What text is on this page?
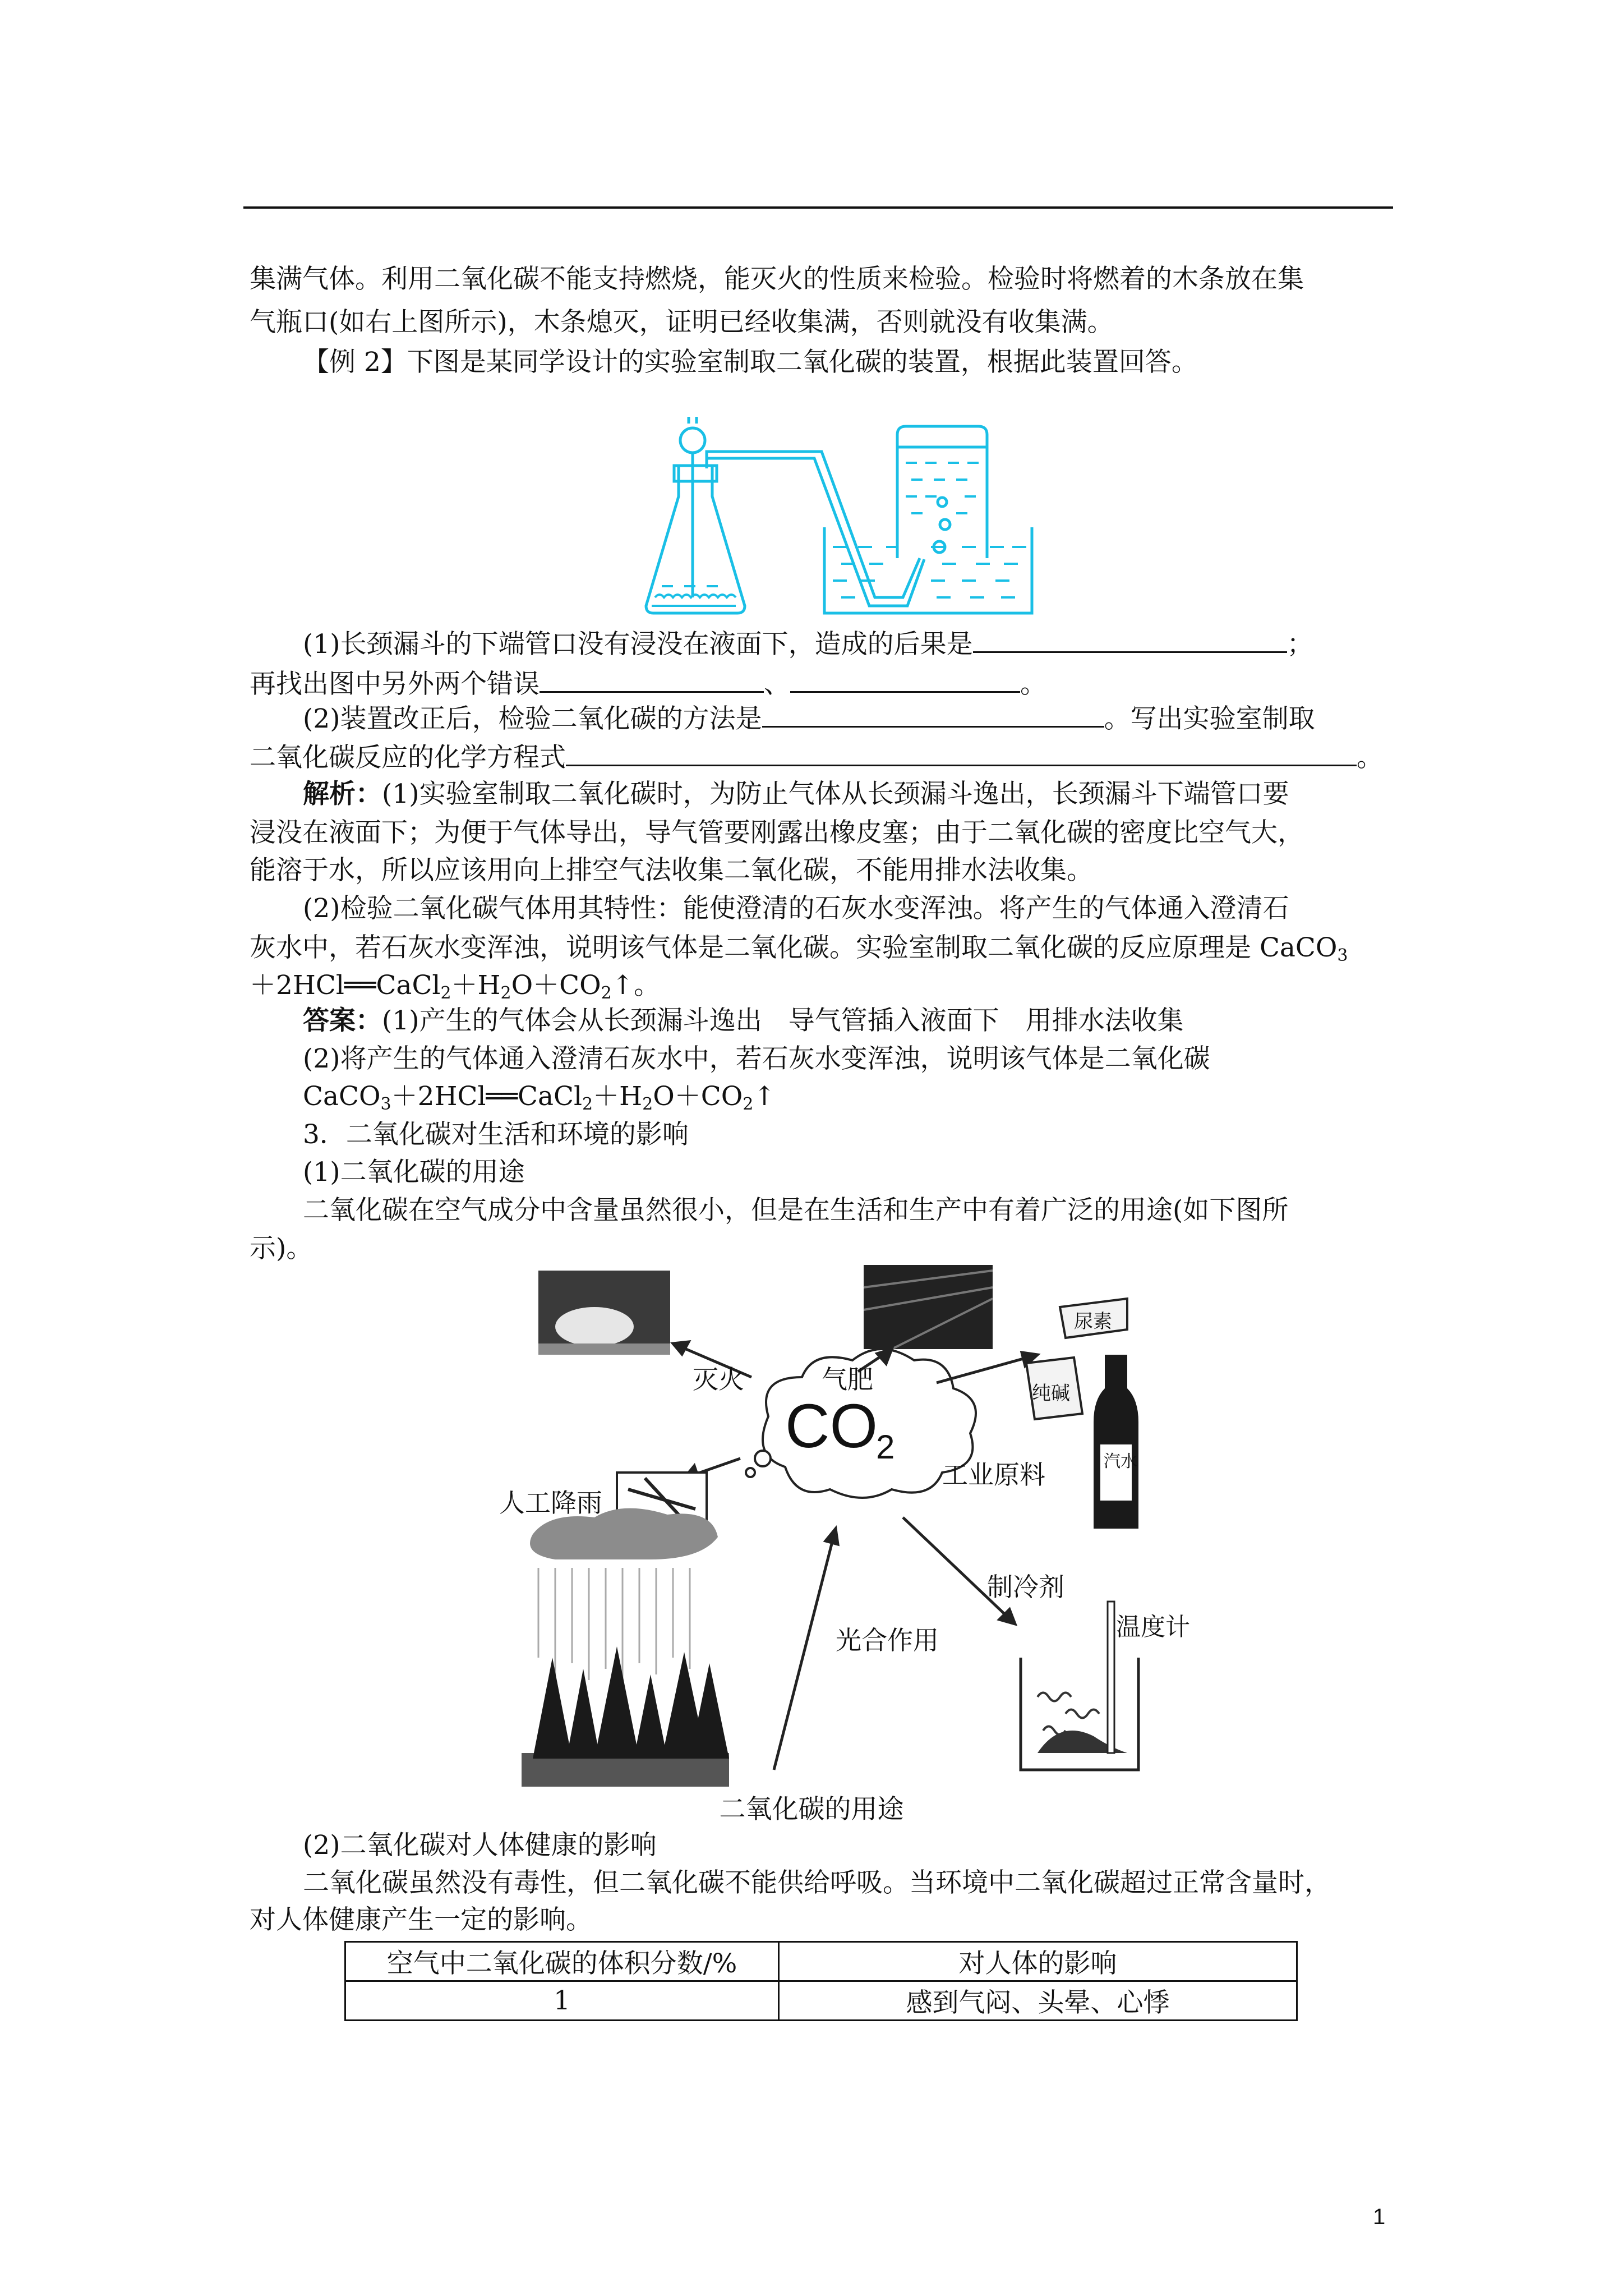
集满气体。利用二氧化碳不能支持燃烧，能灭火的性质来检验。检验时将燃着的木条放在集
气瓶口(如右上图所示)，木条熄灭，证明已经收集满，否则就没有收集满。
【例 2】下图是某同学设计的实验室制取二氧化碳的装置，根据此装置回答。
(1)长颈漏斗的下端管口没有浸没在液面下，造成的后果是	；
再找出图中另外两个错误	、	。
(2)装置改正后，检验二氧化碳的方法是	。写出实验室制取
二氧化碳反应的化学方程式	。
解析：(1)实验室制取二氧化碳时，为防止气体从长颈漏斗逸出，长颈漏斗下端管口要
浸没在液面下；为便于气体导出，导气管要刚露出橡皮塞；由于二氧化碳的密度比空气大，
能溶于水，所以应该用向上排空气法收集二氧化碳，不能用排水法收集。
(2)检验二氧化碳气体用其特性：能使澄清的石灰水变浑浊。将产生的气体通入澄清石
灰水中，若石灰水变浑浊，说明该气体是二氧化碳。实验室制取二氧化碳的反应原理是 CaCO$_3$
$+2HCl══CaCl_2+H_2O+CO_2↑$。
答案：(1)产生的气体会从长颈漏斗逸出　导气管插入液面下　用排水法收集
(2)将产生的气体通入澄清石灰水中，若石灰水变浑浊，说明该气体是二氧化碳
$CaCO_3+2HCl══CaCl_2+H_2O+CO_2↑$
3．二氧化碳对生活和环境的影响
(1)二氧化碳的用途
二氧化碳在空气成分中含量虽然很小，但是在生活和生产中有着广泛的用途(如下图所
示)。
CO
2
灭火	气肥
工业原料
人工降雨
光合作用
制冷剂
温度计
尿素
纯碱
汽水
二氧化碳的用途
(2)二氧化碳对人体健康的影响
二氧化碳虽然没有毒性，但二氧化碳不能供给呼吸。当环境中二氧化碳超过正常含量时，
对人体健康产生一定的影响。
空气中二氧化碳的体积分数/%	对人体的影响
1	感到气闷、头晕、心悸
1
